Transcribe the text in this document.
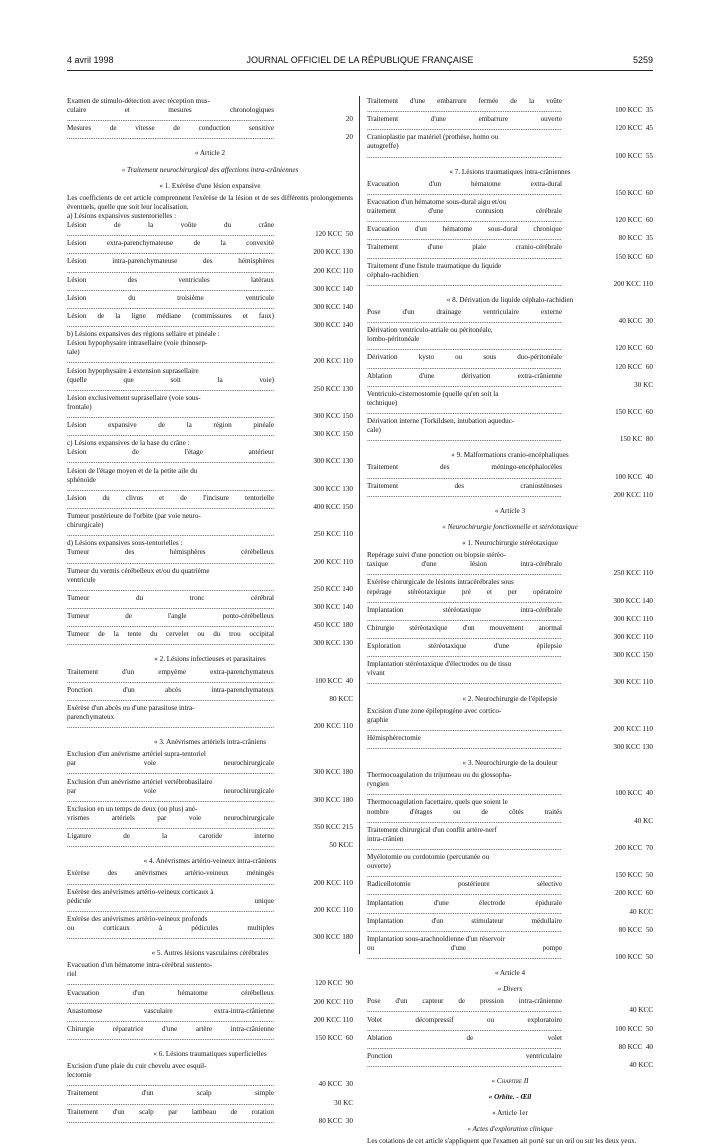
4 avril 1998	JOURNAL OFFICIEL DE LA RÉPUBLIQUE FRANÇAISE	5259
Examen de stimulo-détection avec réception mus-
culaire et mesures chronologiques .....
20
Mesures de vitesse de conduction sensitive .....
20
« Article 2
« Traitement neurochirurgical des affections intra-crâniennes
« 1. Exérèse d'une lésion expansive
Les coefficients de cet article comprennent l'exérèse de la lésion et de ses différents prolongements éventuels, quelle que soit leur localisation.
a) Lésions expansives sustentorielles :
Lésion de la voûte du crâne .....
120 KCC  50
Lésion extra-parenchymateuse de la convexité .....
200 KCC 130
Lésion intra-parenchymateuse des hémisphères .....
200 KCC 110
Lésion des ventricules latéraux .....
300 KCC 140
Lésion du troisième ventricule .....
300 KCC 140
Lésion de la ligne médiane (commissures et faux) .....
300 KCC 140
b) Lésions expansives des régions sellaire et pinéale :
Lésion hypophysaire intrasellaire (voie rhinosep-
tale) .....
200 KCC 110
Lésion hypophysaire à extension suprasellaire
(quelle que soit la voie) .....
250 KCC 130
Lésion exclusivement suprasellaire (voie sous-
frontale) .....
300 KCC 150
Lésion expansive de la région pinéale .....
300 KCC 150
c) Lésions expansives de la base du crâne :
Lésion de l'étage antérieur .....
300 KCC 130
Lésion de l'étage moyen et de la petite aile du
sphénoïde .....
300 KCC 130
Lésion du clivus et de l'incisure tentorielle .....
400 KCC 150
Tumeur postérieure de l'orbite (par voie neuro-
chirurgicale) .....
250 KCC 110
d) Lésions expansives sous-tentorielles :
Tumeur des hémisphères cérébelleux .....
200 KCC 110
Tumeur du vermis cérébelleux et/ou du quatrième
ventricule .....
250 KCC 140
Tumeur du tronc cérébral .....
300 KCC 140
Tumeur de l'angle ponto-cérébelleux .....
450 KCC 180
Tumeur de la tente du cervelet ou du trou occipital .....
300 KCC 130
« 2. Lésions infectieuses et parasitaires
Traitement d'un empyème extra-parenchymateux .....
100 KCC  40
Ponction d'un abcès intra-parenchymateux .....
80 KCC
Exérèse d'un abcès ou d'une parasitose intra-
parenchymateux .....
200 KCC 110
« 3. Anévrismes artériels intra-crâniens
Exclusion d'un anévrisme artériel supra-tentoriel
par voie neurochirurgicale .....
300 KCC 180
Exclusion d'un anévrisme artériel vertébrobasilaire
par voie neurochirurgicale .....
300 KCC 180
Exclusion en un temps de deux (ou plus) ané-
vrismes artériels par voie neurochirurgicale .....
350 KCC 215
Ligature de la carotide interne .....
50 KCC
« 4. Anévrismes artério-veineux intra-crâniens
Exérèse des anévrismes artério-veineux méningés .....
200 KCC 110
Exérèse des anévrismes artério-veineux corticaux à
pédicule unique .....
200 KCC 110
Exérèse des anévrismes artério-veineux profonds
ou corticaux à pédicules multiples .....
300 KCC 180
« 5. Autres lésions vasculaires cérébrales
Evacuation d'un hématome intra-cérébral sustento-
riel .....
120 KCC  90
Evacuation d'un hématome cérébelleux .....
200 KCC 110
Anastomose vasculaire extra-intra-crânienne .....
200 KCC 110
Chirurgie réparatrice d'une artère intra-crânienne .....
150 KCC  60
« 6. Lésions traumatiques superficielles
Excision d'une plaie du cuir chevelu avec esquil-
lectomie .....
40 KCC  30
Traitement d'un scalp simple .....
30 KC
Traitement d'un scalp par lambeau de rotation .....
80 KCC  30
Traitement d'une embarrure fermée de la voûte .....
100 KCC  35
Traitement d'une embarrure ouverte .....
120 KCC  45
Cranioplastie par matériel (prothèse, homo ou
autogreffe) .....
100 KCC  55
« 7. Lésions traumatiques intra-crâniennes
Evacuation d'un hématome extra-dural .....
150 KCC  60
Evacuation d'un hématome sous-dural aigu et/ou
traitement d'une contusion cérébrale .....
120 KCC  60
Evacuation d'un hématome sous-dural chronique .....
80 KCC  35
Traitement d'une plaie cranio-cérébrale .....
150 KCC  60
Traitement d'une fistule traumatique du liquide
céphalo-rachidien .....
200 KCC 110
« 8. Dérivation du liquide céphalo-rachidien
Pose d'un drainage ventriculaire externe .....
40 KCC  30
Dérivation ventriculo-atriale ou péritonéale,
lombo-péritonéale .....
120 KCC  60
Dérivation kysto ou sous duo-péritonéale .....
120 KCC  60
Ablation d'une dérivation extra-crânienne .....
30 KC
Ventriculo-cisternostomie (quelle qu'en soit la
technique) .....
150 KCC  60
Dérivation interne (Torkildsen, intubation aqueduc-
cale) .....
150 KC  80
« 9. Malformations cranio-encéphaliques
Traitement des méningo-encéphalocèles .....
100 KCC  40
Traitement des craniosténoses .....
200 KCC 110
« Article 3
« Neurochirurgie fonctionnelle et stéréotaxique
« 1. Neurochirurgie stéréotaxique
Repérage suivi d'une ponction ou biopsie stéréo-
taxique d'une lésion intra-cérébrale .....
250 KCC 110
Exérèse chirurgicale de lésions intracérébrales sous
repérage stéréotaxique pré et per opératoire .....
300 KCC 140
Implantation stéréotaxique intra-cérébrale .....
300 KCC 110
Chirurgie stéréotaxique d'un mouvement anormal .....
300 KCC 110
Exploration stéréotaxique d'une épilepsie .....
300 KCC 150
Implantation stéréotaxique d'électrodes ou de tissu
vivant .....
300 KCC 110
« 2. Neurochirurgie de l'épilepsie
Excision d'une zone épileptogène avec cortico-
graphie .....
200 KCC 110
Hémisphérectomie .....
300 KCC 130
« 3. Neurochirurgie de la douleur
Thermocoagulation du trijumeau ou du glossopha-
ryngien .....
100 KCC  40
Thermocoagulation facettaire, quels que soient le
nombre d'étages ou de côtés traités .....
40 KC
Traitement chirurgical d'un conflit artère-nerf
intra-crânien .....
200 KCC  70
Myélotomie ou cordotomie (percutanée ou
ouverte) .....
150 KCC  50
Radicellotomie postérieure sélective .....
200 KCC  60
Implantation d'une électrode épidurale .....
40 KCC
Implantation d'un stimulateur médullaire .....
80 KCC  50
Implantation sous-arachnoïdienne d'un réservoir
ou d'une pompe .....
100 KCC  50
« Article 4
« Divers
Pose d'un capteur de pression intra-crânienne .....
40 KCC
Volet décompressif ou exploratoire .....
100 KCC  50
Ablation de volet .....
80 KCC  40
Ponction ventriculaire .....
40 KCC
« Chapitre II
« Orbite. - Œil
« Article 1er
« Actes d'exploration clinique
Les cotations de cet article s'appliquent que l'examen ait porté sur un œil ou sur les deux yeux.
